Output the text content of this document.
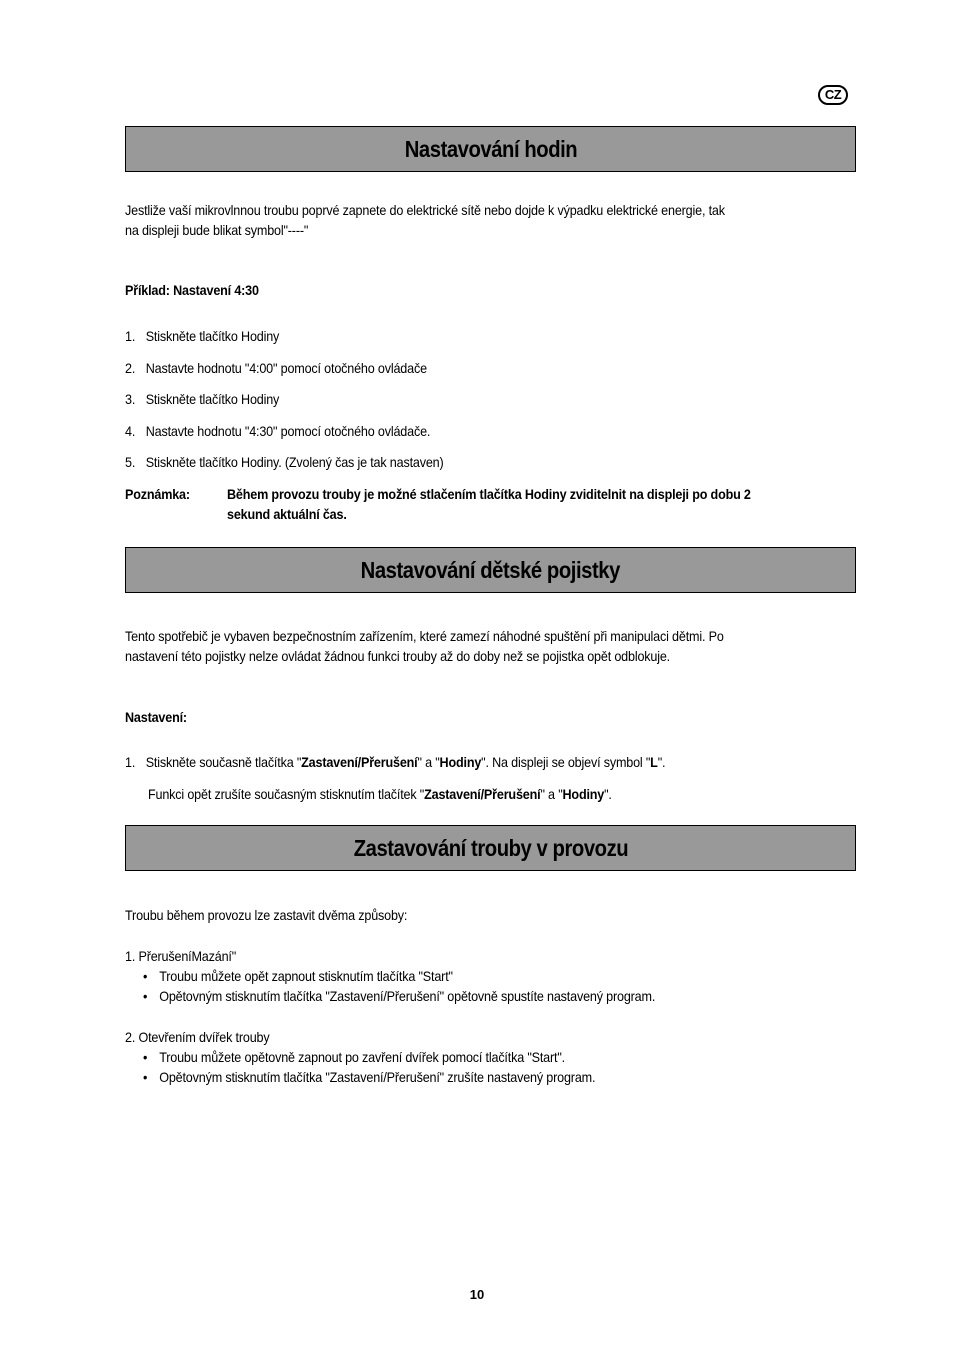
CZ
Nastavování hodin
Jestliže vaší mikrovlnnou troubu poprvé zapnete do elektrické sítě nebo dojde k výpadku elektrické energie, tak
na displeji bude blikat symbol"----"
Příklad: Nastavení 4:30
1. Stiskněte tlačítko Hodiny
2. Nastavte hodnotu "4:00" pomocí otočného ovládače
3. Stiskněte tlačítko Hodiny
4. Nastavte hodnotu "4:30" pomocí otočného ovládače.
5. Stiskněte tlačítko Hodiny. (Zvolený čas je tak nastaven)
Poznámka:	Během provozu trouby je možné stlačením tlačítka Hodiny zviditelnit na displeji po dobu 2
sekund aktuální čas.
Nastavování dětské pojistky
Tento spotřebič je vybaven bezpečnostním zařízením, které zamezí náhodné spuštění při manipulaci dětmi. Po
nastavení této pojistky nelze ovládat žádnou funkci trouby až do doby než se pojistka opět odblokuje.
Nastavení:
1. Stiskněte současně tlačítka "Zastavení/Přerušení" a "Hodiny". Na displeji se objeví symbol "L".
Funkci opět zrušíte současným stisknutím tlačítek "Zastavení/Přerušení" a "Hodiny".
Zastavování trouby v provozu
Troubu během provozu lze zastavit dvěma způsoby:
1. PřerušeníMazání"
• Troubu můžete opět zapnout stisknutím tlačítka "Start"
• Opětovným stisknutím tlačítka "Zastavení/Přerušení" opětovně spustíte nastavený program.
2. Otevřením dvířek trouby
• Troubu můžete opětovně zapnout po zavření dvířek pomocí tlačítka "Start".
• Opětovným stisknutím tlačítka "Zastavení/Přerušení" zrušíte nastavený program.
10
